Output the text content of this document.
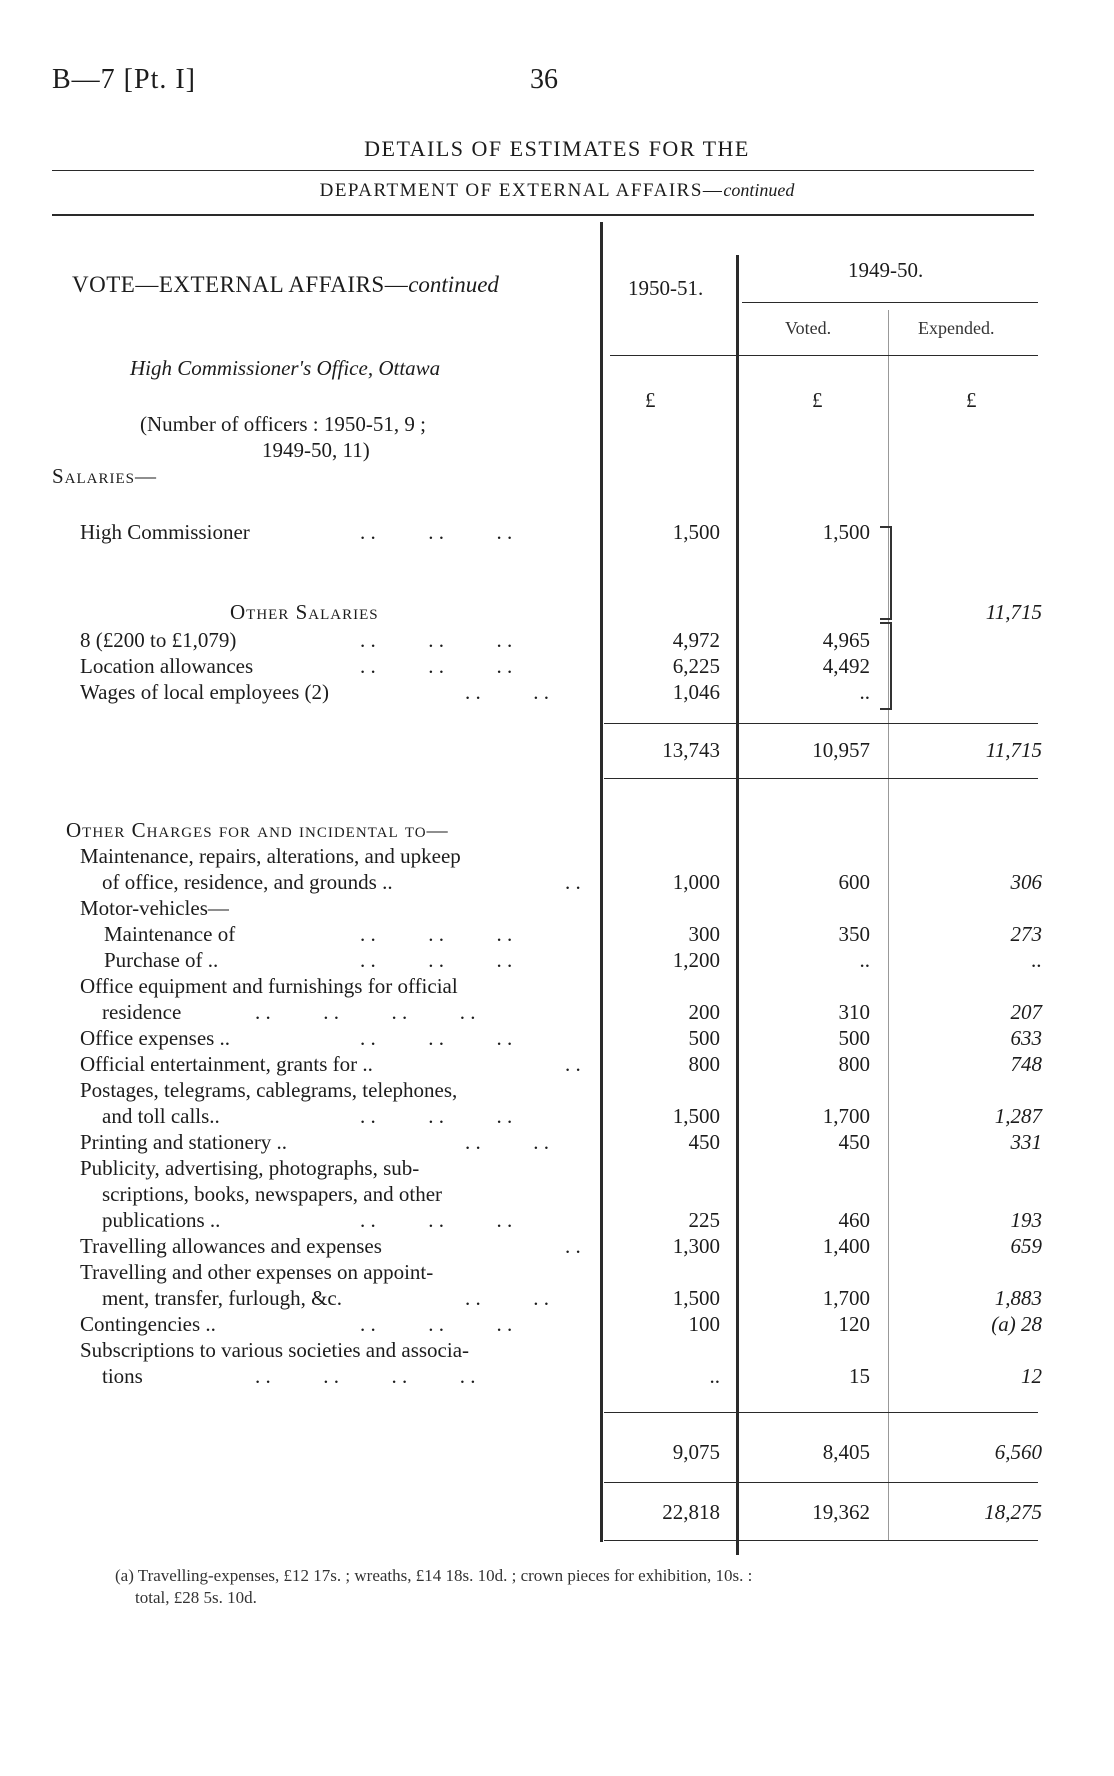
B—7 [Pt. I]	36
DETAILS OF ESTIMATES FOR THE
DEPARTMENT OF EXTERNAL AFFAIRS—continued
VOTE—EXTERNAL AFFAIRS—continued	1950-51.
1949-50.
Voted.	Expended.
High Commissioner's Office, Ottawa
£	£	£
(Number of officers : 1950-51, 9 ;
1949-50, 11)
Salaries—
High Commissioner	. .          . .          . .	1,500	1,500
Other Salaries
8 (£200 to £1,079)	. .          . .          . .	4,972	4,965
Location allowances	. .          . .          . .	6,225	4,492
Wages of local employees (2)	. .          . .	1,046	..
11,715
13,743	10,957	11,715
Other Charges for and incidental to—
Maintenance, repairs, alterations, and upkeep
of office, residence, and grounds ..	. .	1,000	600	306
Motor-vehicles—
Maintenance of	. .          . .          . .	300	350	273
Purchase of ..	. .          . .          . .	1,200	..	..
Office equipment and furnishings for official
residence	. .          . .          . .          . .	200	310	207
Office expenses ..	. .          . .          . .	500	500	633
Official entertainment, grants for ..	. .	800	800	748
Postages, telegrams, cablegrams, telephones,
and toll calls..	. .          . .          . .	1,500	1,700	1,287
Printing and stationery ..	. .          . .	450	450	331
Publicity, advertising, photographs, sub-
scriptions, books, newspapers, and other
publications ..	. .          . .          . .	225	460	193
Travelling allowances and expenses	. .	1,300	1,400	659
Travelling and other expenses on appoint-
ment, transfer, furlough, &c.	. .          . .	1,500	1,700	1,883
Contingencies ..	. .          . .          . .	100	120	(a) 28
Subscriptions to various societies and associa-
tions	. .          . .          . .          . .	..	15	12
9,075	8,405	6,560
22,818	19,362	18,275
(a) Travelling-expenses, £12 17s. ; wreaths, £14 18s. 10d. ; crown pieces for exhibition, 10s. :
total, £28 5s. 10d.
